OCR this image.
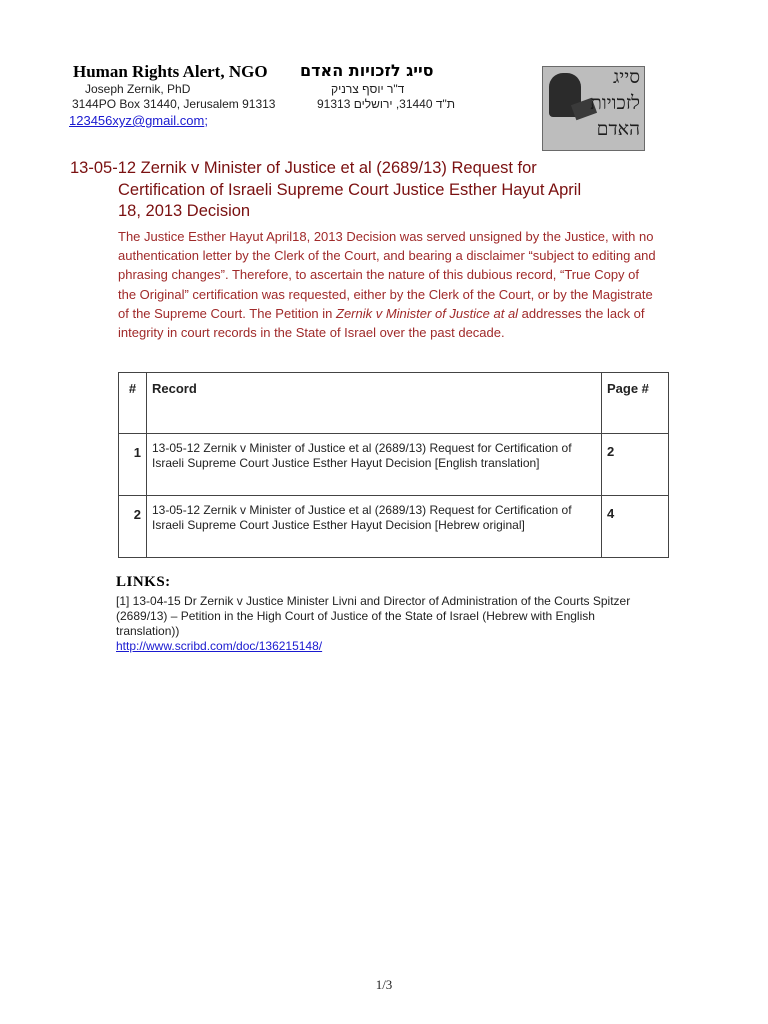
Human Rights Alert, NGO סייג לזכויות האדם
Joseph Zernik, PhD	ד"ר יוסף צרניק
3144PO Box 31440, Jerusalem 91313	ת"ד 31440, ירושלים 91313
123456xyz@gmail.com;
סייג
לזכויות
האדם
13-05-12 Zernik v Minister of Justice et al (2689/13) Request for
Certification of Israeli Supreme Court Justice Esther Hayut April
18, 2013 Decision
The Justice Esther Hayut April18, 2013 Decision was served unsigned by the Justice, with no authentication letter by the Clerk of the Court, and bearing a disclaimer “subject to editing and phrasing changes”. Therefore, to ascertain the nature of this dubious record, “True Copy of the Original” certification was requested, either by the Clerk of the Court, or by the Magistrate of the Supreme Court. The Petition in Zernik v Minister of Justice at al addresses the lack of integrity in court records in the State of Israel over the past decade.
#	Record	Page #
1	13-05-12 Zernik v Minister of Justice et al (2689/13) Request for Certification of Israeli Supreme Court Justice Esther Hayut Decision [English translation]	2
2	13-05-12 Zernik v Minister of Justice et al (2689/13) Request for Certification of Israeli Supreme Court Justice Esther Hayut Decision [Hebrew original]	4
LINKS:
[1] 13-04-15 Dr Zernik v Justice Minister Livni and Director of Administration of the Courts Spitzer (2689/13) – Petition in the High Court of Justice of the State of Israel (Hebrew with English translation))
http://www.scribd.com/doc/136215148/
1/3
